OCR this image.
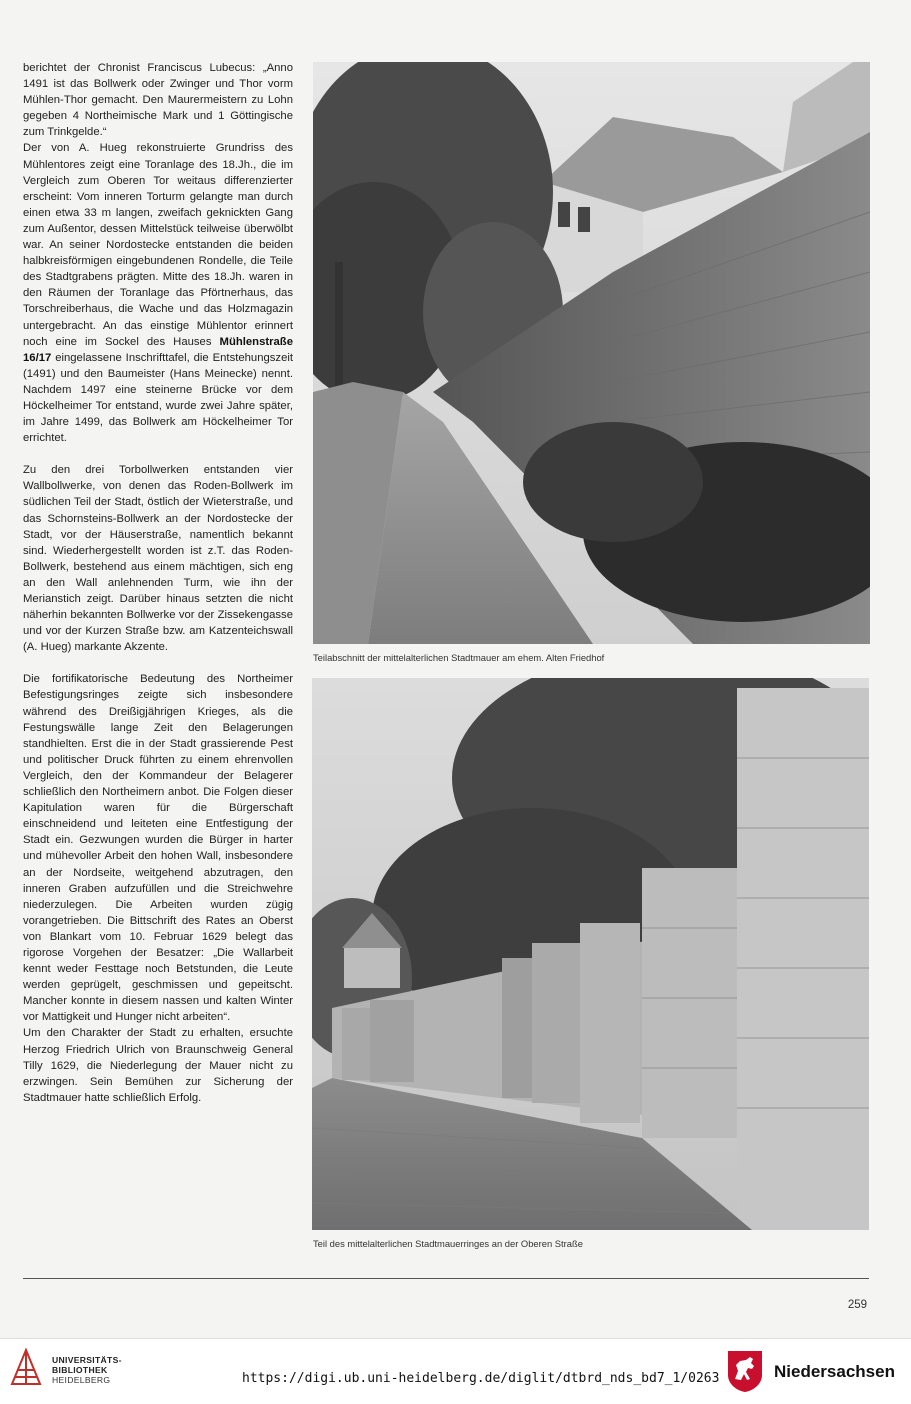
berichtet der Chronist Franciscus Lubecus: „Anno 1491 ist das Bollwerk oder Zwinger und Thor vorm Mühlen-Thor gemacht. Den Maurermeistern zu Lohn gegeben 4 Northeimische Mark und 1 Göttingische zum Trinkgelde.“

Der von A. Hueg rekonstruierte Grundriss des Mühlentores zeigt eine Toranlage des 18.Jh., die im Vergleich zum Oberen Tor weitaus differenzierter erscheint: Vom inneren Torturm gelangte man durch einen etwa 33 m langen, zweifach geknickten Gang zum Außentor, dessen Mittelstück teilweise überwölbt war. An seiner Nordostecke entstanden die beiden halbkreisförmigen eingebundenen Rondelle, die Teile des Stadtgrabens prägten. Mitte des 18.Jh. waren in den Räumen der Toranlage das Pförtnerhaus, das Torschreiberhaus, die Wache und das Holzmagazin untergebracht. An das einstige Mühlentor erinnert noch eine im Sockel des Hauses Mühlenstraße 16/17 eingelassene Inschrifttafel, die Entstehungszeit (1491) und den Baumeister (Hans Meinecke) nennt. Nachdem 1497 eine steinerne Brücke vor dem Höckelheimer Tor entstand, wurde zwei Jahre später, im Jahre 1499, das Bollwerk am Höckelheimer Tor errichtet.

Zu den drei Torbollwerken entstanden vier Wallbollwerke, von denen das Roden-Bollwerk im südlichen Teil der Stadt, östlich der Wieterstraße, und das Schornsteins-Bollwerk an der Nordostecke der Stadt, vor der Häuserstraße, namentlich bekannt sind. Wiederhergestellt worden ist z.T. das Roden-Bollwerk, bestehend aus einem mächtigen, sich eng an den Wall anlehnenden Turm, wie ihn der Merianstich zeigt. Darüber hinaus setzten die nicht näherhin bekannten Bollwerke vor der Zissekengasse und vor der Kurzen Straße bzw. am Katzenteichswall (A. Hueg) markante Akzente.

Die fortifikatorische Bedeutung des Northeimer Befestigungsringes zeigte sich insbesondere während des Dreißigjährigen Krieges, als die Festungswälle lange Zeit den Belagerungen standhielten. Erst die in der Stadt grassierende Pest und politischer Druck führten zu einem ehrenvollen Vergleich, den der Kommandeur der Belagerer schließlich den Northeimern anbot. Die Folgen dieser Kapitulation waren für die Bürgerschaft einschneidend und leiteten eine Entfestigung der Stadt ein. Gezwungen wurden die Bürger in harter und mühevoller Arbeit den hohen Wall, insbesondere an der Nordseite, weitgehend abzutragen, den inneren Graben aufzufüllen und die Streichwehre niederzulegen. Die Arbeiten wurden zügig vorangetrieben. Die Bittschrift des Rates an Oberst von Blankart vom 10. Februar 1629 belegt das rigorose Vorgehen der Besatzer: „Die Wallarbeit kennt weder Festtage noch Betstunden, die Leute werden geprügelt, geschmissen und gepeitscht. Mancher konnte in diesem nassen und kalten Winter vor Mattigkeit und Hunger nicht arbeiten“.

Um den Charakter der Stadt zu erhalten, ersuchte Herzog Friedrich Ulrich von Braunschweig General Tilly 1629, die Niederlegung der Mauer nicht zu erzwingen. Sein Bemühen zur Sicherung der Stadtmauer hatte schließlich Erfolg.

Teilabschnitt der mittelalterlichen Stadtmauer am ehem. Alten Friedhof
Teil des mittelalterlichen Stadtmauerringes an der Oberen Straße
259
UNIVERSITÄTS-
BIBLIOTHEK
HEIDELBERG	https://digi.ub.uni-heidelberg.de/diglit/dtbrd_nds_bd7_1/0263	Niedersachsen
